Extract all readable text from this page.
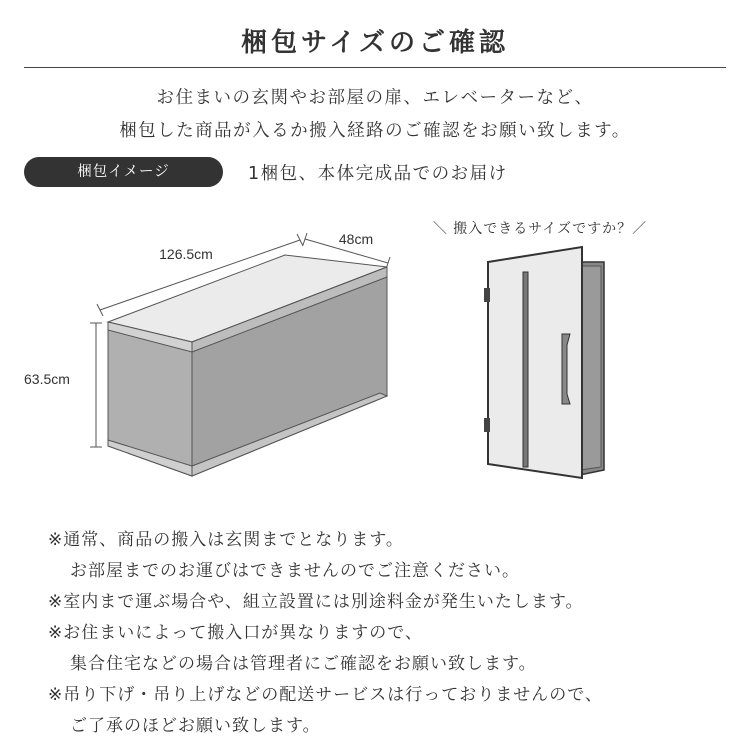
梱包サイズのご確認
お住まいの玄関やお部屋の扉、エレベーターなど、
梱包した商品が入るか搬入経路のご確認をお願い致します。
梱包イメージ	1梱包、本体完成品でのお届け
126.5cm
48cm
63.5cm
＼ 搬入できるサイズですか？／
※通常、商品の搬入は玄関までとなります。
お部屋までのお運びはできませんのでご注意ください。
※室内まで運ぶ場合や、組立設置には別途料金が発生いたします。
※お住まいによって搬入口が異なりますので、
集合住宅などの場合は管理者にご確認をお願い致します。
※吊り下げ・吊り上げなどの配送サービスは行っておりませんので、
ご了承のほどお願い致します。
